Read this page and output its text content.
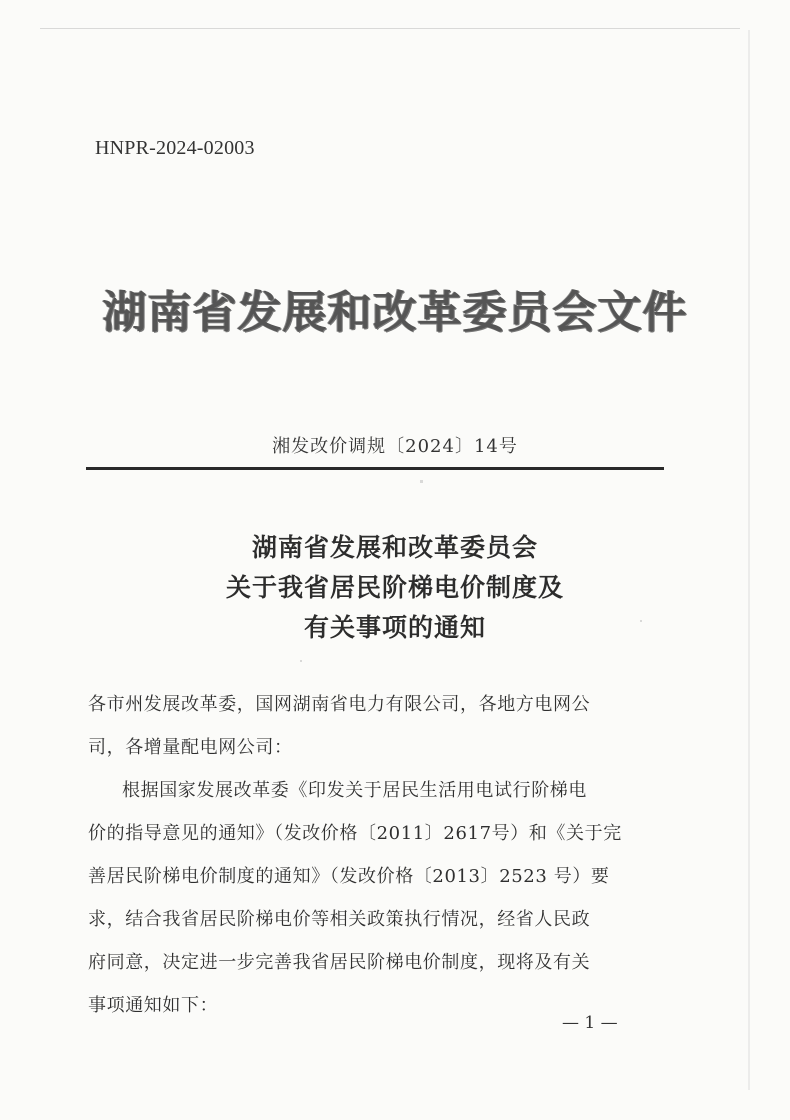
HNPR-2024-02003
湖南省发展和改革委员会文件
湘发改价调规〔2024〕14号
湖南省发展和改革委员会
关于我省居民阶梯电价制度及
有关事项的通知
各市州发展改革委，国网湖南省电力有限公司，各地方电网公
司，各增量配电网公司：
根据国家发展改革委《印发关于居民生活用电试行阶梯电
价的指导意见的通知》（发改价格〔2011〕2617号）和《关于完
善居民阶梯电价制度的通知》（发改价格〔2013〕2523 号）要
求，结合我省居民阶梯电价等相关政策执行情况，经省人民政
府同意，决定进一步完善我省居民阶梯电价制度，现将及有关
事项通知如下：
— 1 —
